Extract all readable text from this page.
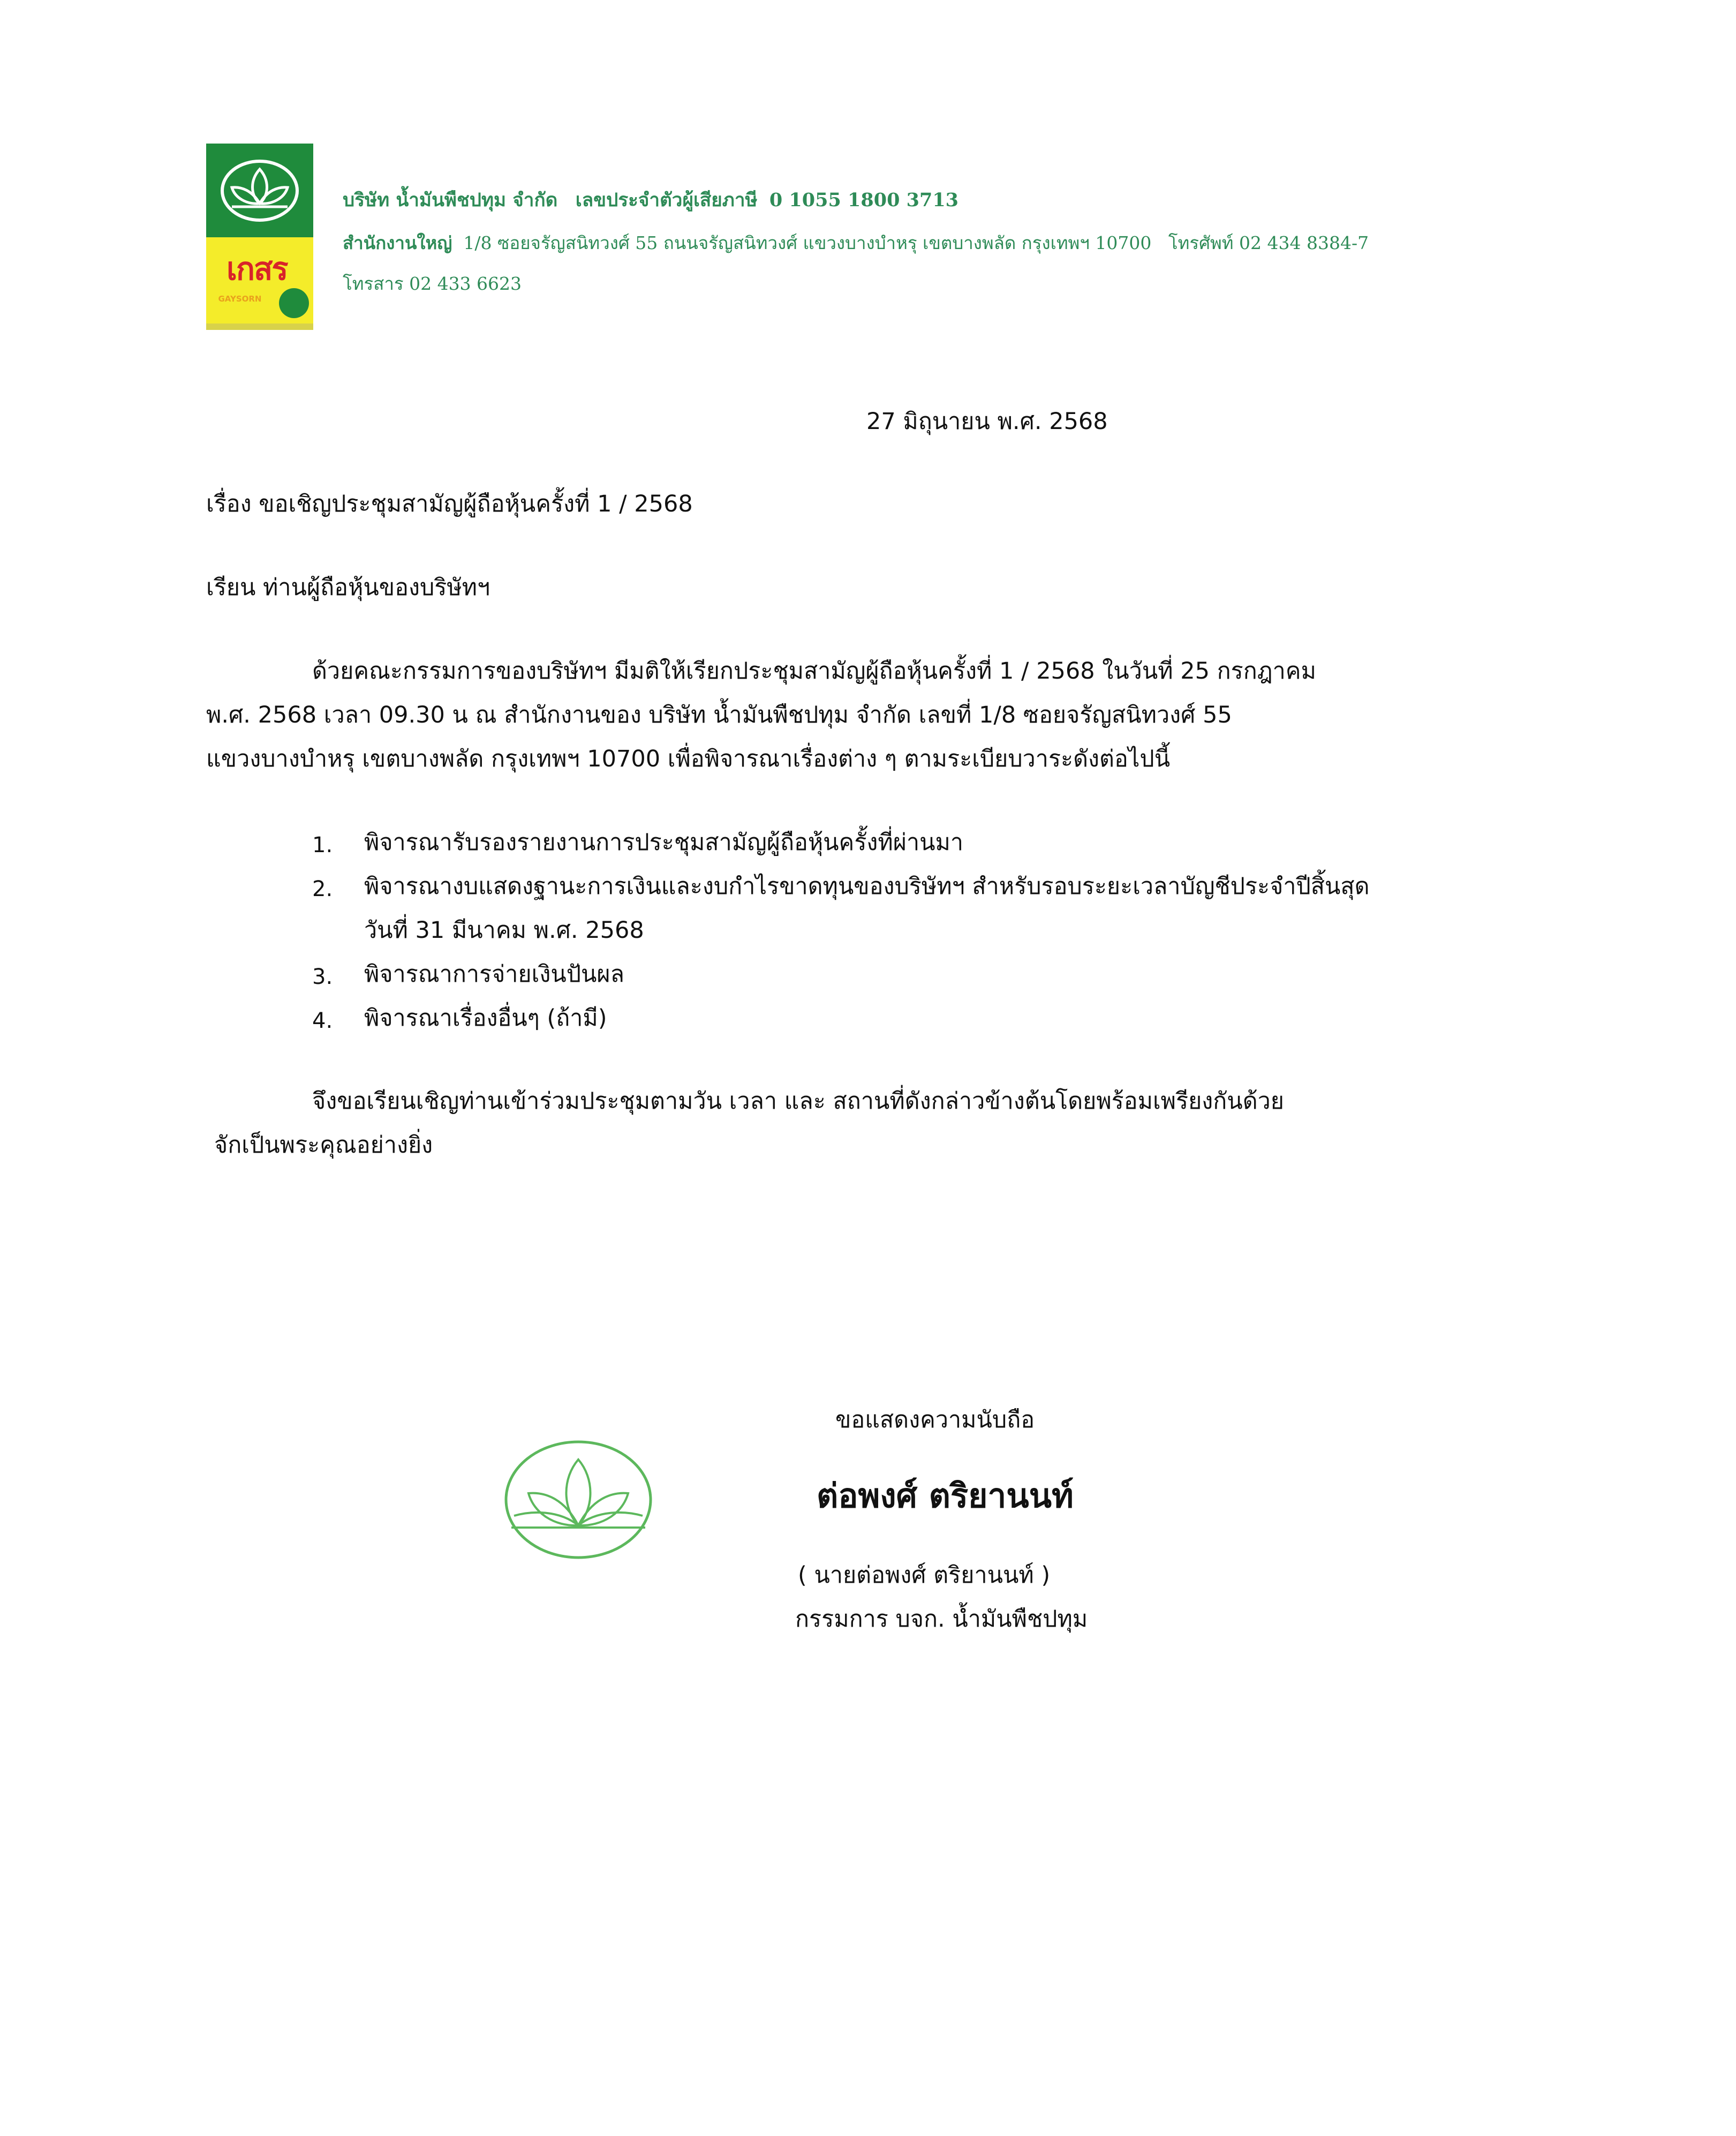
เกสร
GAYSORN
บริษัท น้ำมันพืชปทุม จำกัด เลขประจำตัวผู้เสียภาษี 0 1055 1800 3713
สำนักงานใหญ่ 1/8 ซอยจรัญสนิทวงศ์ 55 ถนนจรัญสนิทวงศ์ แขวงบางบำหรุ เขตบางพลัด กรุงเทพฯ 10700 โทรศัพท์ 02 434 8384-7
โทรสาร 02 433 6623
27 มิถุนายน พ.ศ. 2568
เรื่อง ขอเชิญประชุมสามัญผู้ถือหุ้นครั้งที่ 1 / 2568
เรียน ท่านผู้ถือหุ้นของบริษัทฯ
ด้วยคณะกรรมการของบริษัทฯ มีมติให้เรียกประชุมสามัญผู้ถือหุ้นครั้งที่ 1 / 2568 ในวันที่ 25 กรกฎาคม
พ.ศ. 2568 เวลา 09.30 น ณ สำนักงานของ บริษัท น้ำมันพืชปทุม จำกัด เลขที่ 1/8 ซอยจรัญสนิทวงศ์ 55
แขวงบางบำหรุ เขตบางพลัด กรุงเทพฯ 10700 เพื่อพิจารณาเรื่องต่าง ๆ ตามระเบียบวาระดังต่อไปนี้
1. พิจารณารับรองรายงานการประชุมสามัญผู้ถือหุ้นครั้งที่ผ่านมา
2. พิจารณางบแสดงฐานะการเงินและงบกำไรขาดทุนของบริษัทฯ สำหรับรอบระยะเวลาบัญชีประจำปีสิ้นสุด
วันที่ 31 มีนาคม พ.ศ. 2568
3. พิจารณาการจ่ายเงินปันผล
4. พิจารณาเรื่องอื่นๆ (ถ้ามี)
จึงขอเรียนเชิญท่านเข้าร่วมประชุมตามวัน เวลา และ สถานที่ดังกล่าวข้างต้นโดยพร้อมเพรียงกันด้วย
จักเป็นพระคุณอย่างยิ่ง
ขอแสดงความนับถือ
ต่อพงศ์ ตริยานนท์
( นายต่อพงศ์ ตริยานนท์ )
กรรมการ บจก. น้ำมันพืชปทุม
